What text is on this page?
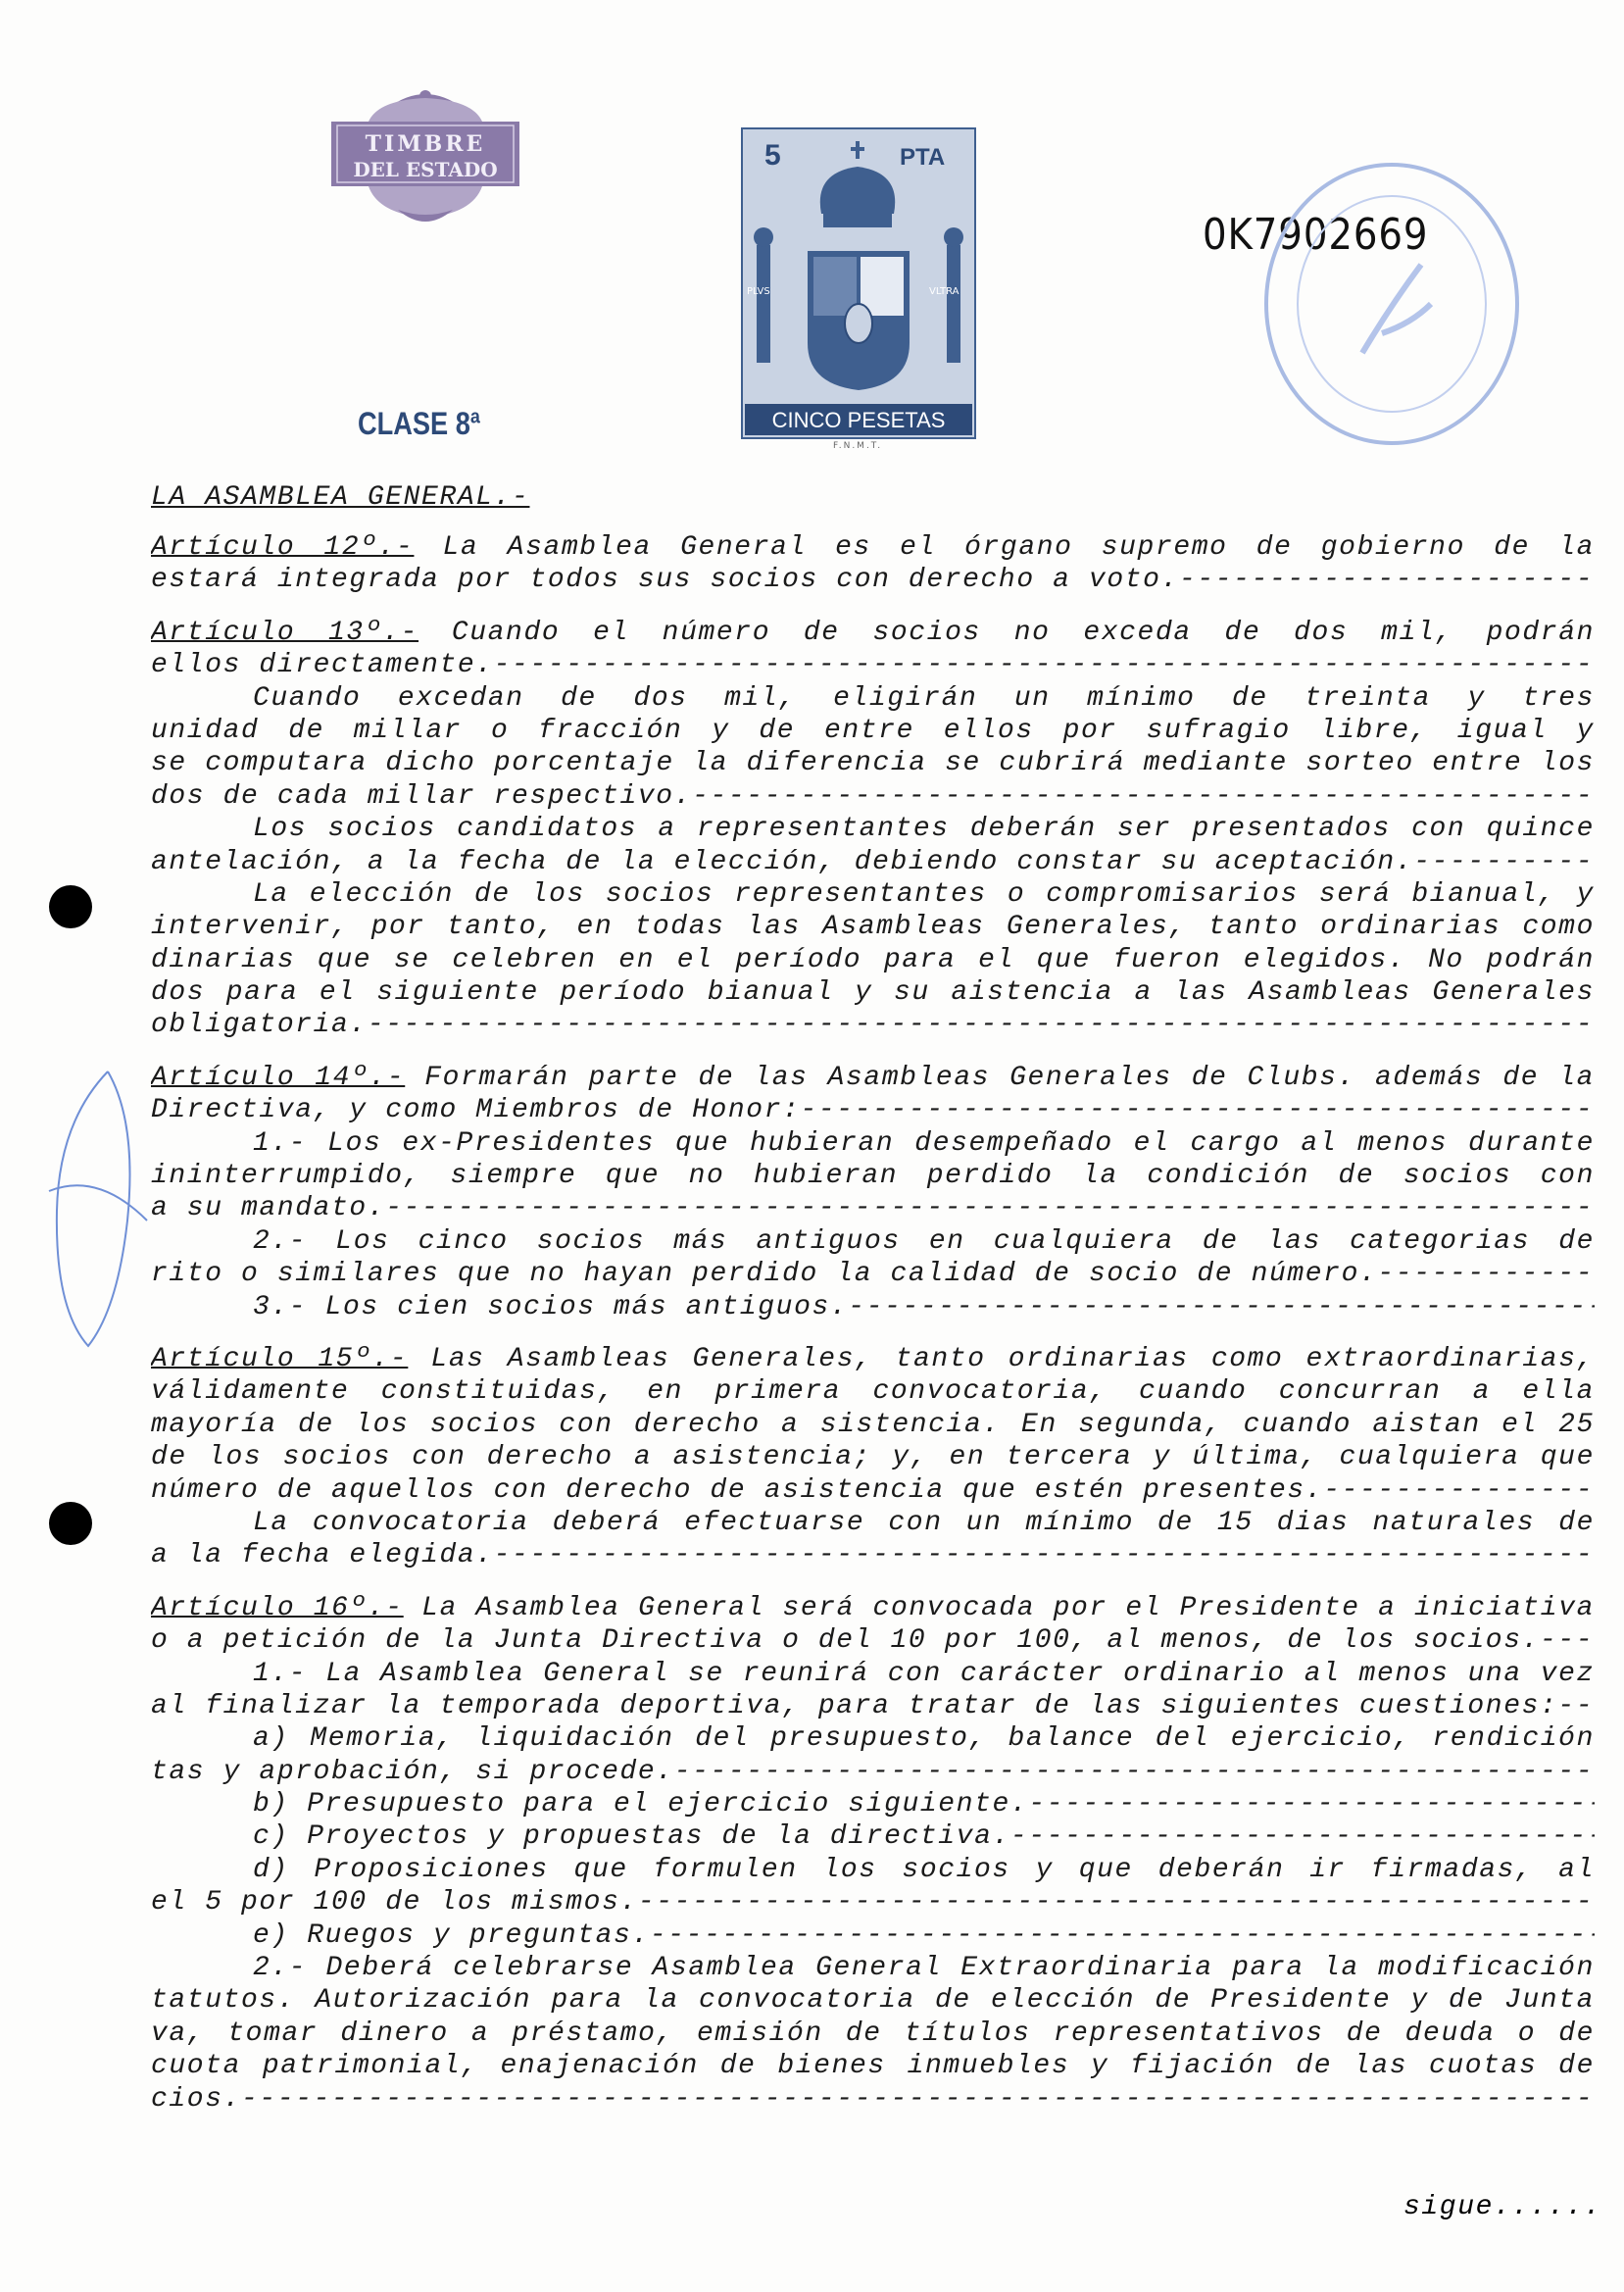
TIMBRE
DEL ESTADO	5	PTA
PLVS	VLTRA
CINCO PESETAS
F.N.M.T.
CLASE 8ª
0K7902669
LA ASAMBLEA GENERAL.-
Artículo 12º.- La Asamblea General es el órgano supremo de gobierno de la
estará integrada por todos sus socios con derecho a voto.
-----
Artículo 13º.- Cuando el número de socios no exceda de dos mil, podrán
ellos directamente.
-----
Cuando excedan de dos mil, eligirán un mínimo de treinta y tres
unidad de millar o fracción y de entre ellos por sufragio libre, igual y
se computara dicho porcentaje la diferencia se cubrirá mediante sorteo entre los
dos de cada millar respectivo.
-----
Los socios candidatos a representantes deberán ser presentados con quince
antelación, a la fecha de la elección, debiendo constar su aceptación.
-----
La elección de los socios representantes o compromisarios será bianual, y
intervenir, por tanto, en todas las Asambleas Generales, tanto ordinarias como
dinarias que se celebren en el período para el que fueron elegidos. No podrán
dos para el siguiente período bianual y su aistencia a las Asambleas Generales
obligatoria.
-----
Artículo 14º.- Formarán parte de las Asambleas Generales de Clubs. además de la
Directiva, y como Miembros de Honor:
-----
1.- Los ex-Presidentes que hubieran desempeñado el cargo al menos durante
ininterrumpido, siempre que no hubieran perdido la condición de socios con
a su mandato.
-----
2.- Los cinco socios más antiguos en cualquiera de las categorias de
rito o similares que no hayan perdido la calidad de socio de número.
-----
3.- Los cien socios más antiguos.
-----
Artículo 15º.- Las Asambleas Generales, tanto ordinarias como extraordinarias,
válidamente constituidas, en primera convocatoria, cuando concurran a ella
mayoría de los socios con derecho a sistencia. En segunda, cuando aistan el 25
de los socios con derecho a asistencia; y, en tercera y última, cualquiera que
número de aquellos con derecho de asistencia que estén presentes.
-----
La convocatoria deberá efectuarse con un mínimo de 15 dias naturales de
a la fecha elegida.
-----
Artículo 16º.- La Asamblea General será convocada por el Presidente a iniciativa
o a petición de la Junta Directiva o del 10 por 100, al menos, de los socios.
-----
1.- La Asamblea General se reunirá con carácter ordinario al menos una vez
al finalizar la temporada deportiva, para tratar de las siguientes cuestiones:
-----
a) Memoria, liquidación del presupuesto, balance del ejercicio, rendición
tas y aprobación, si procede.
-----
b) Presupuesto para el ejercicio siguiente.
-----
c) Proyectos y propuestas de la directiva.
-----
d) Proposiciones que formulen los socios y que deberán ir firmadas, al
el 5 por 100 de los mismos.
-----
e) Ruegos y preguntas.
-----
2.- Deberá celebrarse Asamblea General Extraordinaria para la modificación
tatutos. Autorización para la convocatoria de elección de Presidente y de Junta
va, tomar dinero a préstamo, emisión de títulos representativos de deuda o de
cuota patrimonial, enajenación de bienes inmuebles y fijación de las cuotas de
cios.
-----
sigue......
